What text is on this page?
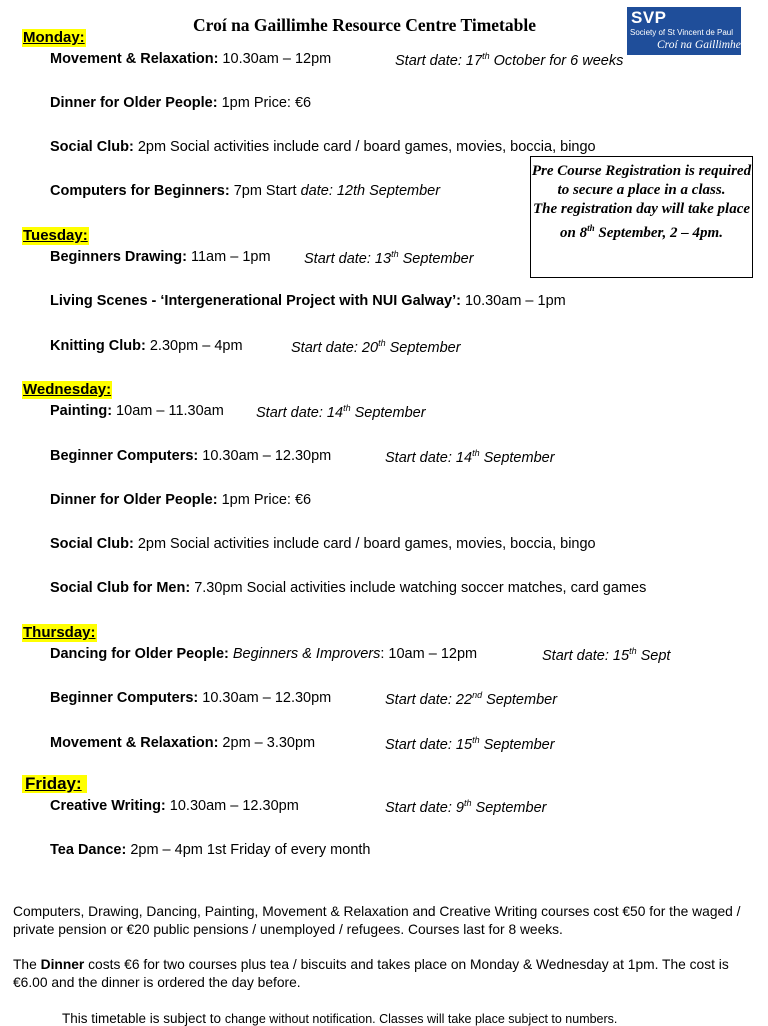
Croí na Gaillimhe Resource Centre Timetable	SVP
Society of St Vincent de Paul
Croí na Gaillimhe
Pre Course Registration is required to secure a place in a class.
The registration day will take place on 8th September, 2 – 4pm.
Monday:
Movement & Relaxation: 10.30am – 12pm	Start date: 17th October for 6 weeks
Dinner for Older People: 1pm Price: €6
Social Club: 2pm Social activities include card / board games, movies, boccia, bingo
Computers for Beginners: 7pm Start date: 12th September
Tuesday:
Beginners Drawing: 11am – 1pm Start date: 13th September
Living Scenes - ‘Intergenerational Project with NUI Galway’: 10.30am – 1pm
Knitting Club: 2.30pm – 4pm	Start date: 20th September
Wednesday:
Painting: 10am – 11.30am Start date: 14th September
Beginner Computers: 10.30am – 12.30pm	Start date: 14th September
Dinner for Older People: 1pm Price: €6
Social Club: 2pm Social activities include card / board games, movies, boccia, bingo
Social Club for Men: 7.30pm Social activities include watching soccer matches, card games
Thursday:
Dancing for Older People: Beginners & Improvers: 10am – 12pm	Start date: 15th Sept
Beginner Computers: 10.30am – 12.30pm	Start date: 22nd September
Movement & Relaxation: 2pm – 3.30pm	Start date: 15th September
Friday:
Creative Writing: 10.30am – 12.30pm	Start date: 9th September
Tea Dance: 2pm – 4pm 1st Friday of every month
Computers, Drawing, Dancing, Painting, Movement & Relaxation and Creative Writing courses cost €50 for the waged / private pension or €20 public pensions / unemployed / refugees. Courses last for 8 weeks.
The Dinner costs €6 for two courses plus tea / biscuits and takes place on Monday & Wednesday at 1pm. The cost is €6.00 and the dinner is ordered the day before.
This timetable is subject to change without notification. Classes will take place subject to numbers.
